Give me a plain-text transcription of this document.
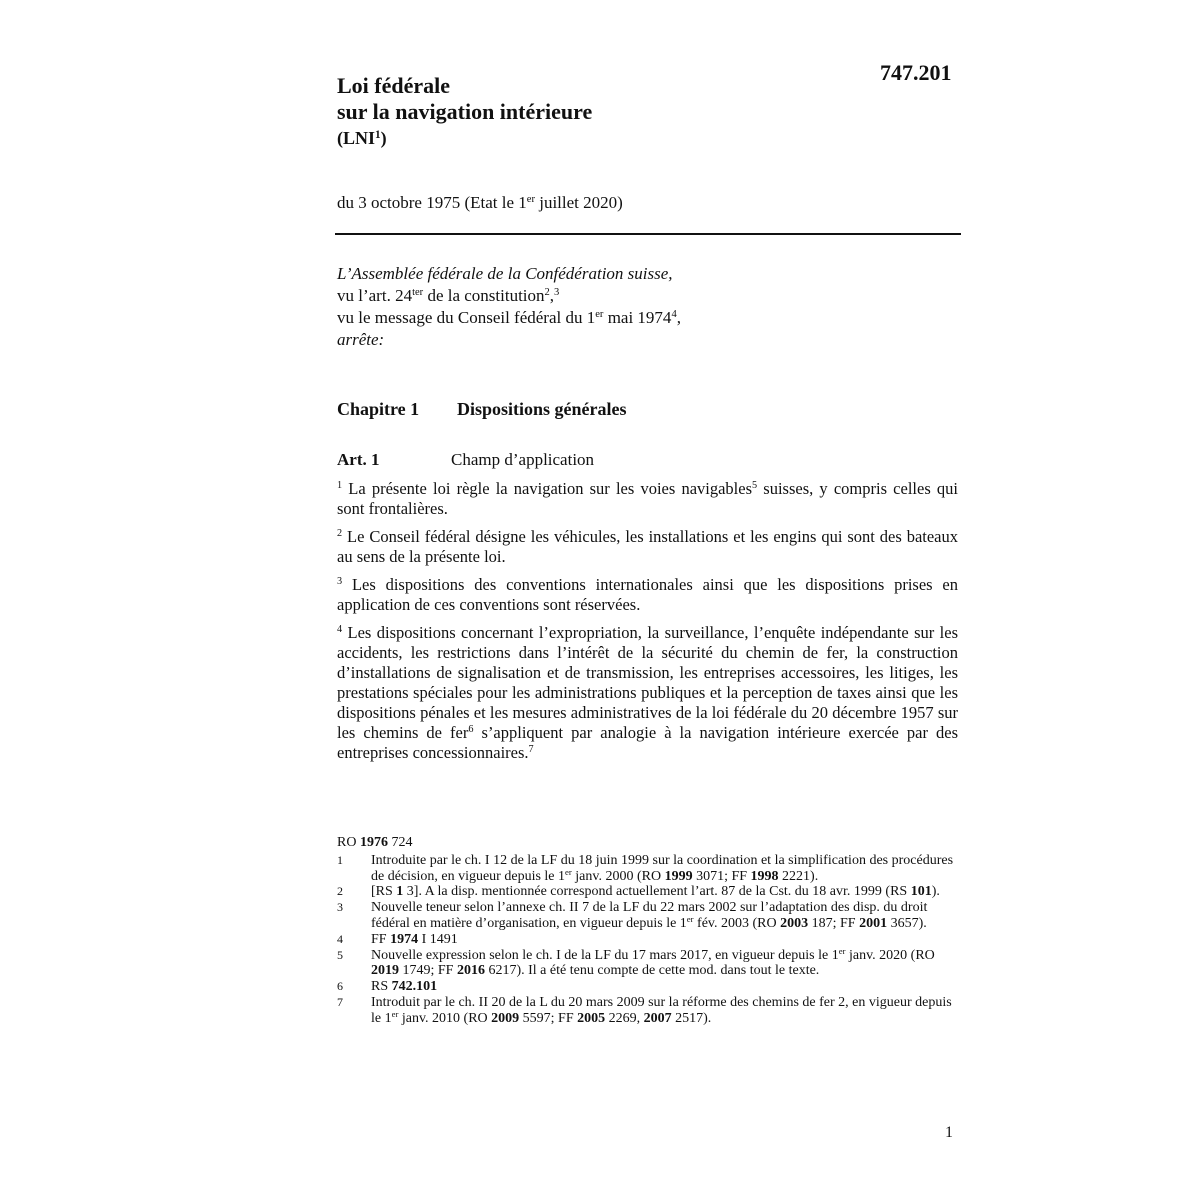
747.201
Loi fédérale
sur la navigation intérieure
(LNI$^1$)
du 3 octobre 1975 (Etat le 1er juillet 2020)
L’Assemblée fédérale de la Confédération suisse,
vu l’art. $24^{ter}$ de la constitution$^2$,$^3$
vu le message du Conseil fédéral du 1er mai 1974$^4$,
arrête:
Chapitre 1 Dispositions générales
Art. 1	Champ d’application
$^1$ La présente loi règle la navigation sur les voies navigables$^5$ suisses, y compris celles qui sont frontalières.
$^2$ Le Conseil fédéral désigne les véhicules, les installations et les engins qui sont des bateaux au sens de la présente loi.
$^3$ Les dispositions des conventions internationales ainsi que les dispositions prises en application de ces conventions sont réservées.
$^4$ Les dispositions concernant l’expropriation, la surveillance, l’enquête indépendante sur les accidents, les restrictions dans l’intérêt de la sécurité du chemin de fer, la construction d’installations de signalisation et de transmission, les entreprises accessoires, les litiges, les prestations spéciales pour les administrations publiques et la perception de taxes ainsi que les dispositions pénales et les mesures administratives de la loi fédérale du 20 décembre 1957 sur les chemins de fer$^6$ s’appliquent par analogie à la navigation intérieure exercée par des entreprises concessionnaires.$^7$
RO 1976 724
1 Introduite par le ch. I 12 de la LF du 18 juin 1999 sur la coordination et la simplification des procédures de décision, en vigueur depuis le 1er janv. 2000 (RO 1999 3071; FF 1998 2221).
2 [RS 1 3]. A la disp. mentionnée correspond actuellement l’art. 87 de la Cst. du 18 avr. 1999 (RS 101).
3 Nouvelle teneur selon l’annexe ch. II 7 de la LF du 22 mars 2002 sur l’adaptation des disp. du droit fédéral en matière d’organisation, en vigueur depuis le 1er fév. 2003 (RO 2003 187; FF 2001 3657).
4 FF 1974 I 1491
5 Nouvelle expression selon le ch. I de la LF du 17 mars 2017, en vigueur depuis le 1er janv. 2020 (RO 2019 1749; FF 2016 6217). Il a été tenu compte de cette mod. dans tout le texte.
6 RS 742.101
7 Introduit par le ch. II 20 de la L du 20 mars 2009 sur la réforme des chemins de fer 2, en vigueur depuis le 1er janv. 2010 (RO 2009 5597; FF 2005 2269, 2007 2517).
1
